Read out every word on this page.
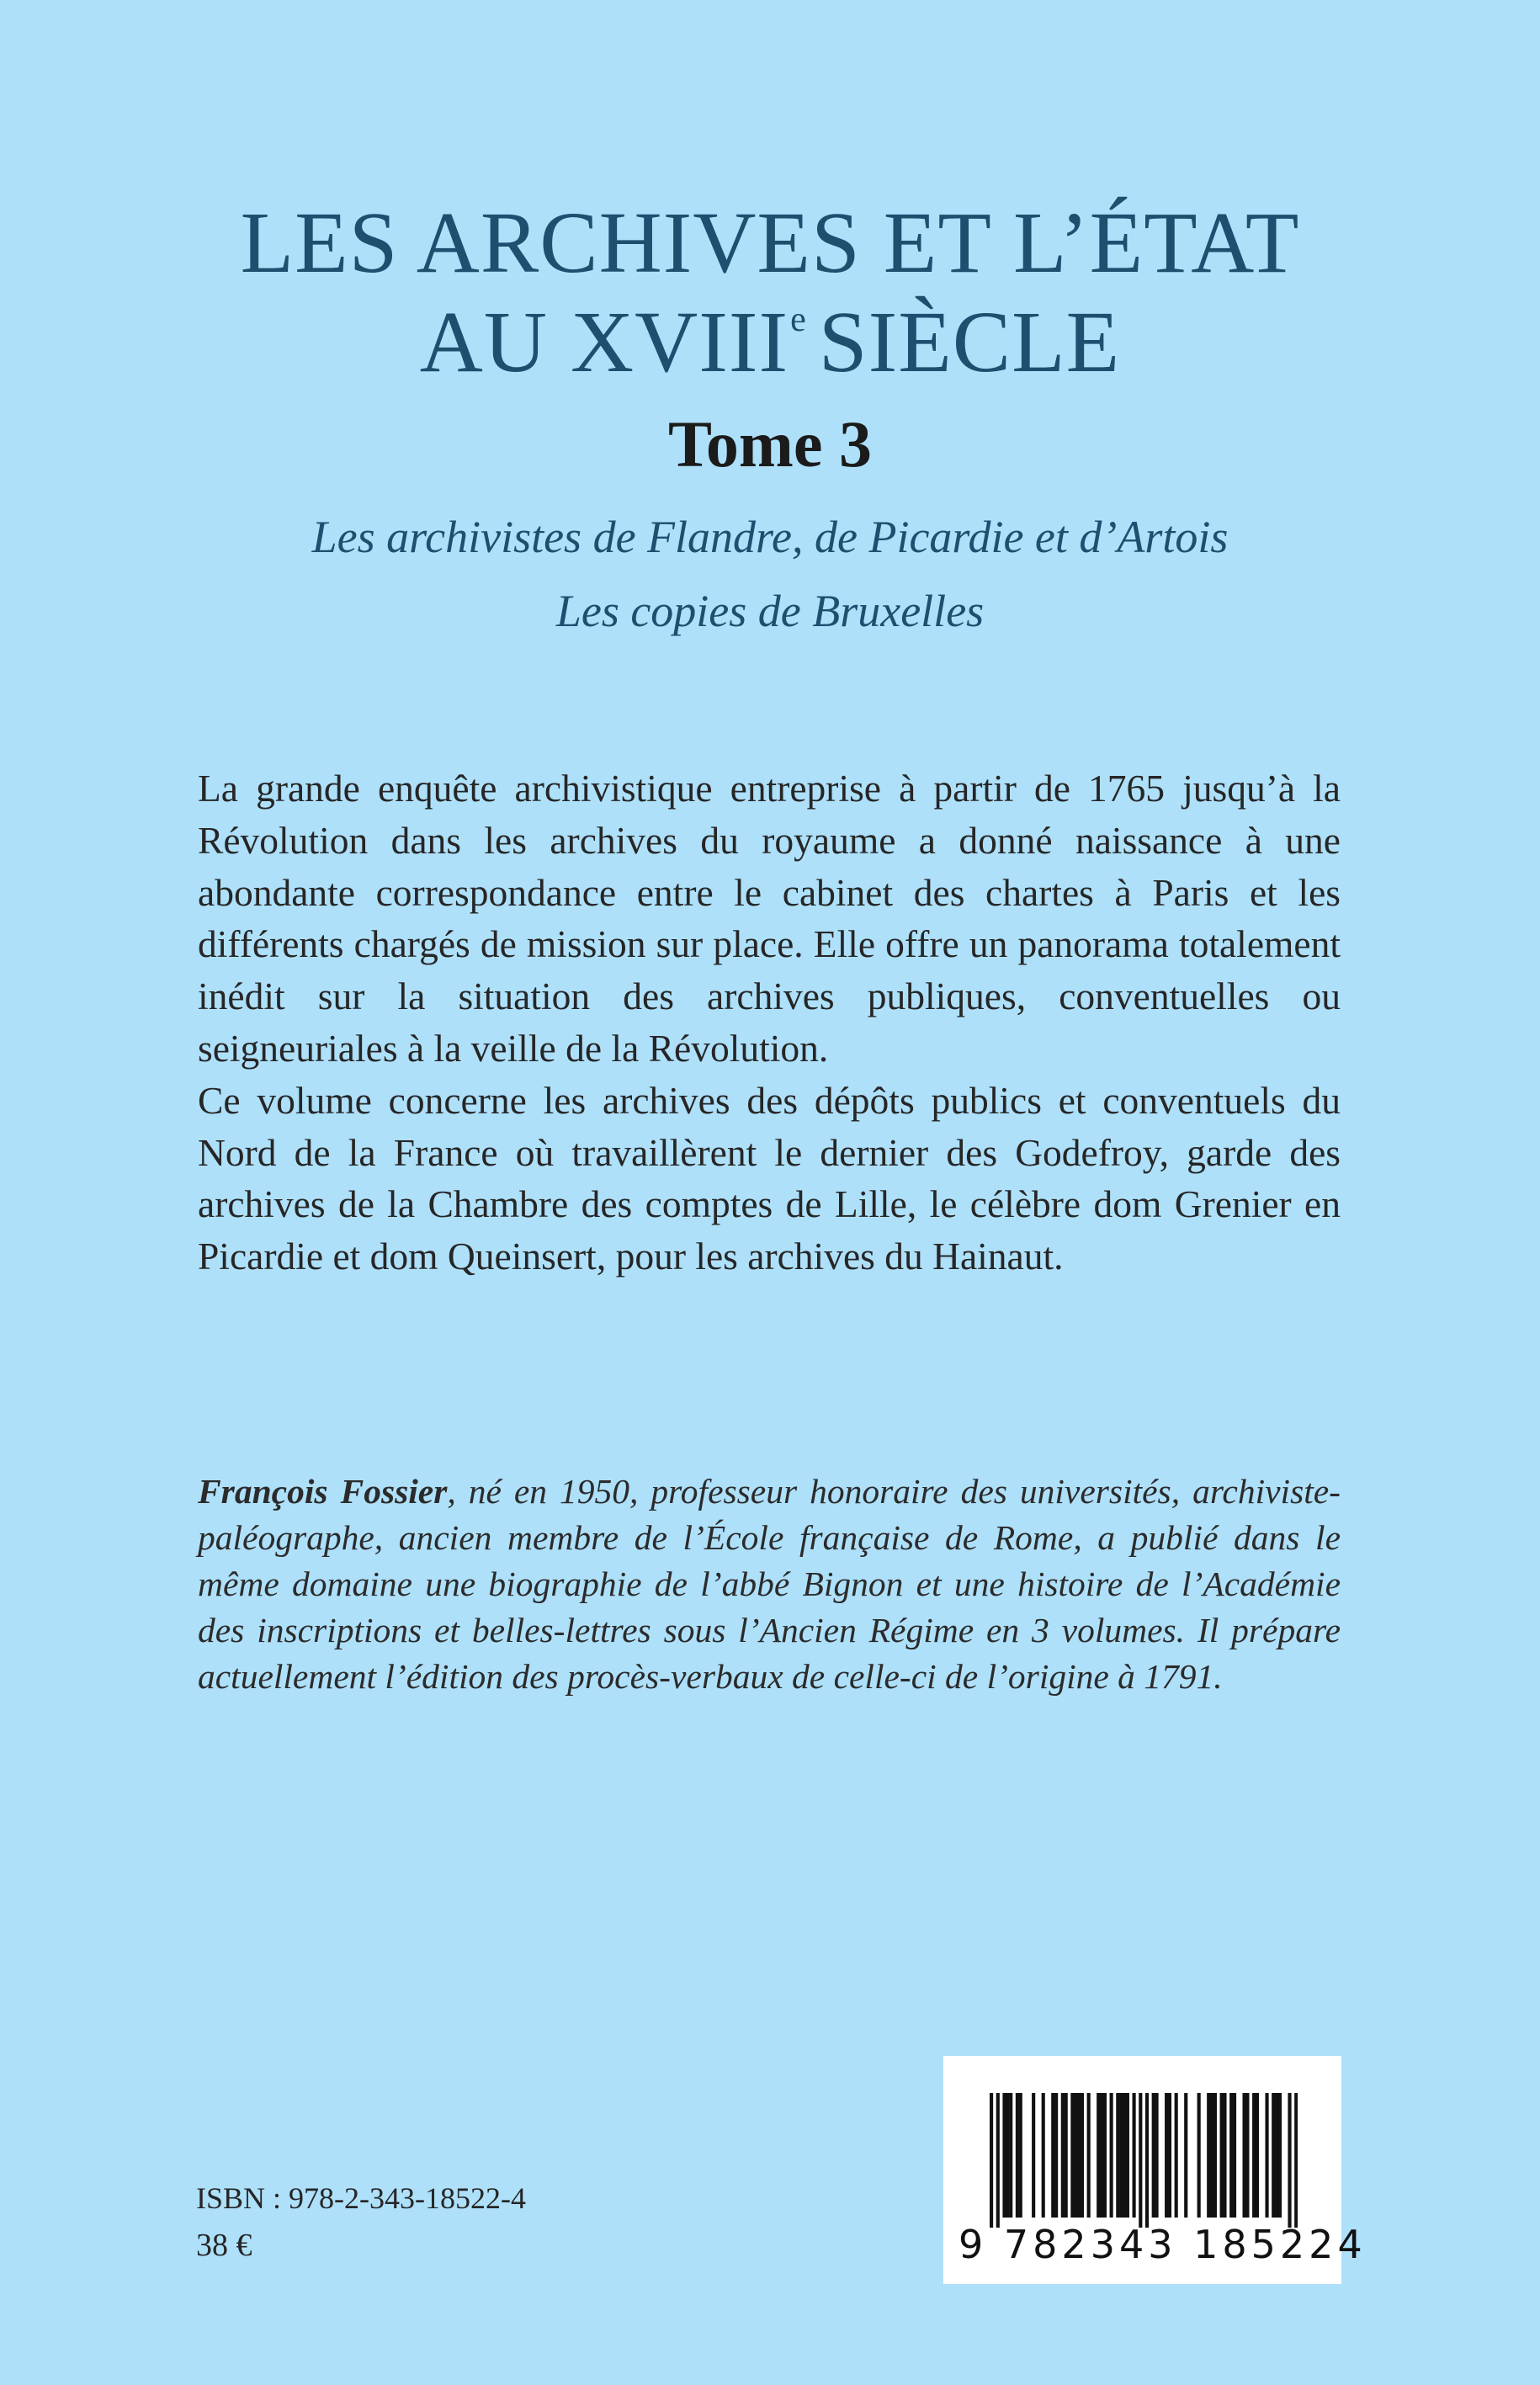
LES ARCHIVES ET L’ÉTAT
AU XVIIIe SIÈCLE
Tome 3
Les archivistes de Flandre, de Picardie et d’Artois
Les copies de Bruxelles

La grande enquête archivistique entreprise à partir de 1765 jusqu’à la Révolution dans les archives du royaume a donné naissance à une abondante correspondance entre le cabinet des chartes à Paris et les différents chargés de mission sur place. Elle offre un panorama totalement inédit sur la situation des archives publiques, conventuelles ou seigneuriales à la veille de la Révolution.

Ce volume concerne les archives des dépôts publics et conventuels du Nord de la France où travaillèrent le dernier des Godefroy, garde des archives de la Chambre des comptes de Lille, le célèbre dom Grenier en Picardie et dom Queinsert, pour les archives du Hainaut.

François Fossier, né en 1950, professeur honoraire des universités, archiviste-paléographe, ancien membre de l’École française de Rome, a publié dans le même domaine une biographie de l’abbé Bignon et une histoire de l’Académie des inscriptions et belles-lettres sous l’Ancien Régime en 3 volumes. Il prépare actuellement l’édition des procès-verbaux de celle-ci de l’origine à 1791.

ISBN : 978-2-343-18522-4
38 €	9 782343 185224
